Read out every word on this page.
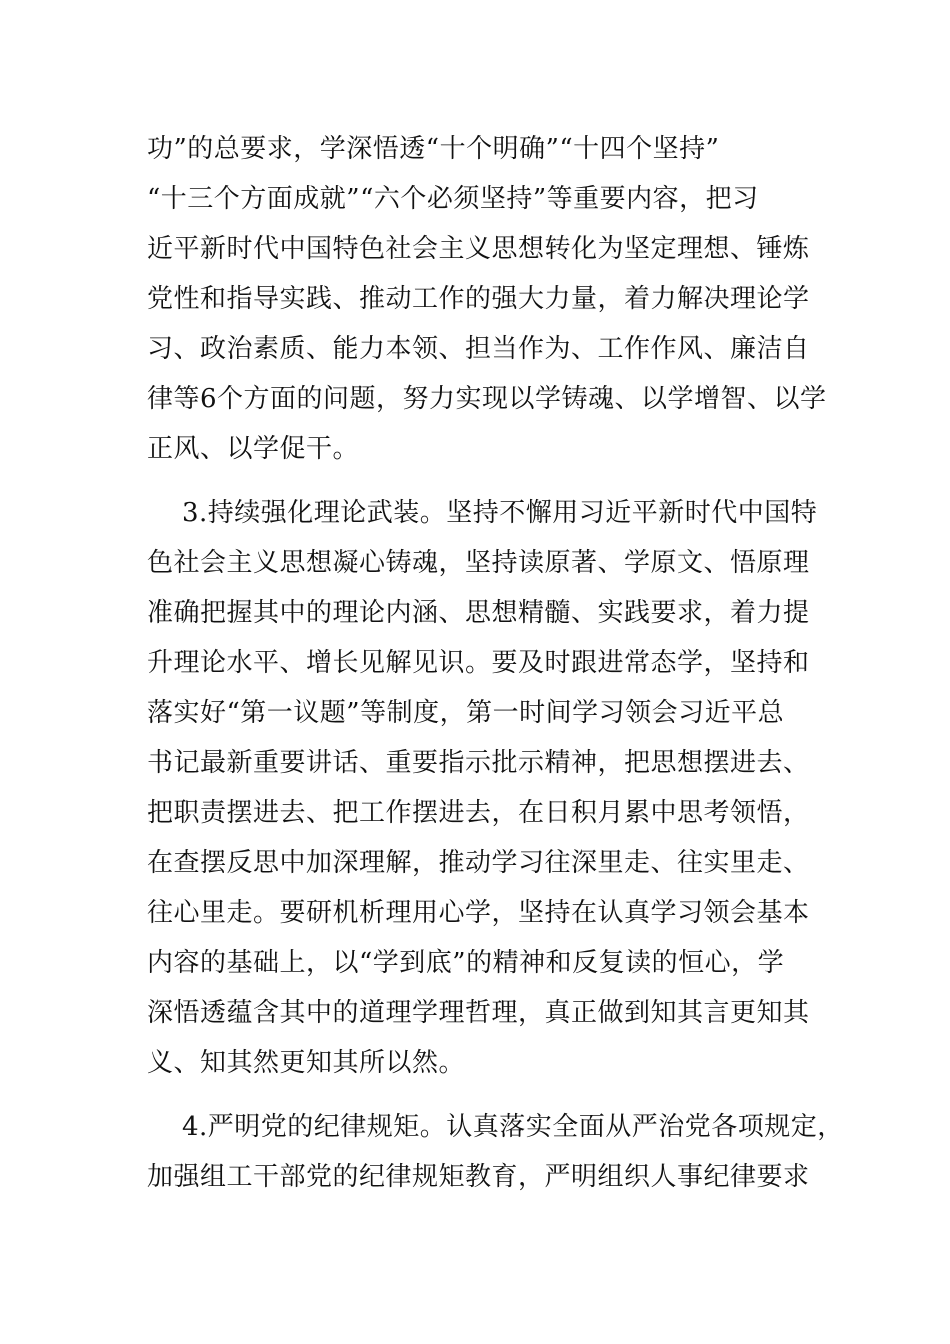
功”的总要求，学深悟透“十个明确”“十四个坚持”
“十三个方面成就”“六个必须坚持”等重要内容，把习
近平新时代中国特色社会主义思想转化为坚定理想、锤炼
党性和指导实践、推动工作的强大力量，着力解决理论学
习、政治素质、能力本领、担当作为、工作作风、廉洁自
律等6个方面的问题，努力实现以学铸魂、以学增智、以学
正风、以学促干。
3.持续强化理论武装。坚持不懈用习近平新时代中国特
色社会主义思想凝心铸魂，坚持读原著、学原文、悟原理
准确把握其中的理论内涵、思想精髓、实践要求，着力提
升理论水平、增长见解见识。要及时跟进常态学，坚持和
落实好“第一议题”等制度，第一时间学习领会习近平总
书记最新重要讲话、重要指示批示精神，把思想摆进去、
把职责摆进去、把工作摆进去，在日积月累中思考领悟，
在查摆反思中加深理解，推动学习往深里走、往实里走、
往心里走。要研机析理用心学，坚持在认真学习领会基本
内容的基础上，以“学到底”的精神和反复读的恒心，学
深悟透蕴含其中的道理学理哲理，真正做到知其言更知其
义、知其然更知其所以然。
4.严明党的纪律规矩。认真落实全面从严治党各项规定，
加强组工干部党的纪律规矩教育，严明组织人事纪律要求
